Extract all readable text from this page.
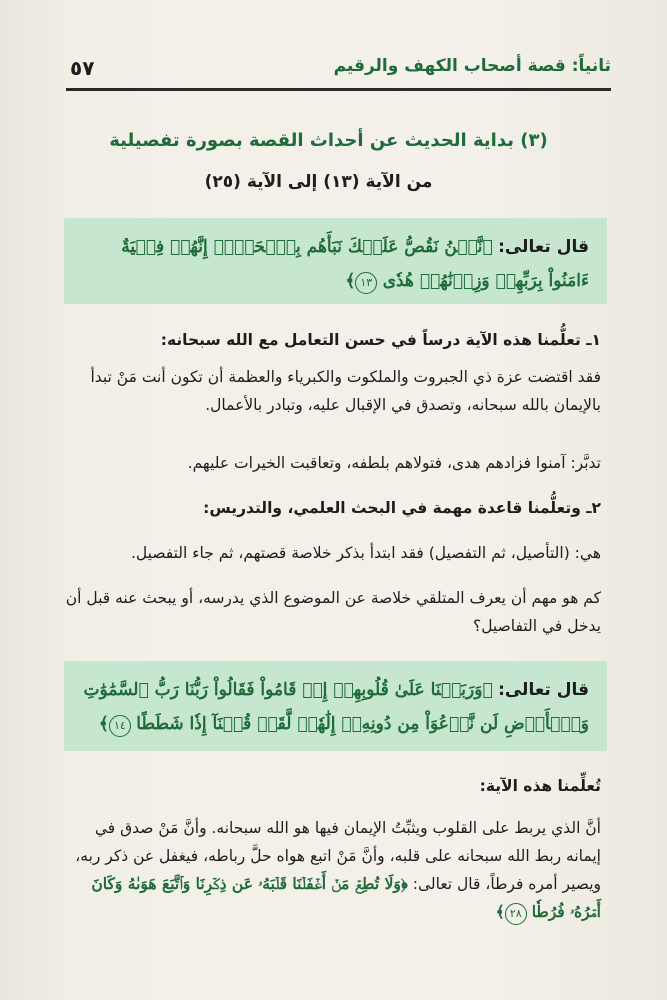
ثانياً: قصة أصحاب الكهف والرقيم
٥٧
(٣) بداية الحديث عن أحداث القصة بصورة تفصيلية
من الآية (١٣) إلى الآية (٢٥)

قال تعالى: ﴿نَّحۡنُ نَقُصُّ عَلَيۡكَ نَبَأَهُم بِٱلۡحَقِّۚ إِنَّهُمۡ فِتۡيَةٌ ءَامَنُواْ بِرَبِّهِمۡ وَزِدۡنَٰهُمۡ هُدٗى ١٣﴾

١ـ تعلُّمنا هذه الآية درساً في حسن التعامل مع الله سبحانه:

فقد اقتضت عزة ذي الجبروت والملكوت والكبرياء والعظمة أن تكون أنت مَنْ تبدأ بالإيمان بالله سبحانه، وتصدق في الإقبال عليه، وتبادر بالأعمال.

تدبَّر: آمنوا فزادهم هدى، فتولاهم بلطفه، وتعاقبت الخيرات عليهم.

٢ـ وتعلُّمنا قاعدة مهمة في البحث العلمي، والتدريس:

هي: (التأصيل، ثم التفصيل) فقد ابتدأ بذكر خلاصة قصتهم، ثم جاء التفصيل.

كم هو مهم أن يعرف المتلقي خلاصة عن الموضوع الذي يدرسه، أو يبحث عنه قبل أن يدخل في التفاصيل؟

قال تعالى: ﴿وَرَبَطۡنَا عَلَىٰ قُلُوبِهِمۡ إِذۡ قَامُواْ فَقَالُواْ رَبُّنَا رَبُّ ٱلسَّمَٰوَٰتِ وَٱلۡأَرۡضِ لَن نَّدۡعُوَاْ مِن دُونِهِۦٓ إِلَٰهٗاۖ لَّقَدۡ قُلۡنَآ إِذٗا شَطَطًا ١٤﴾

تُعلِّمنا هذه الآية:

أنَّ الذي يربط على القلوب ويثبِّتُ الإيمان فيها هو الله سبحانه. وأنَّ مَنْ صدق في إيمانه ربط الله سبحانه على قلبه، وأنَّ مَنْ اتبع هواه حلَّ رباطه، فيغفل عن ذكر ربه، ويصير أمره فرطاً، قال تعالى: ﴿وَلَا تُطِعۡ مَنۡ أَغۡفَلۡنَا قَلۡبَهُۥ عَن ذِكۡرِنَا وَٱتَّبَعَ هَوَىٰهُ وَكَانَ أَمۡرُهُۥ فُرُطٗا ٢٨﴾
